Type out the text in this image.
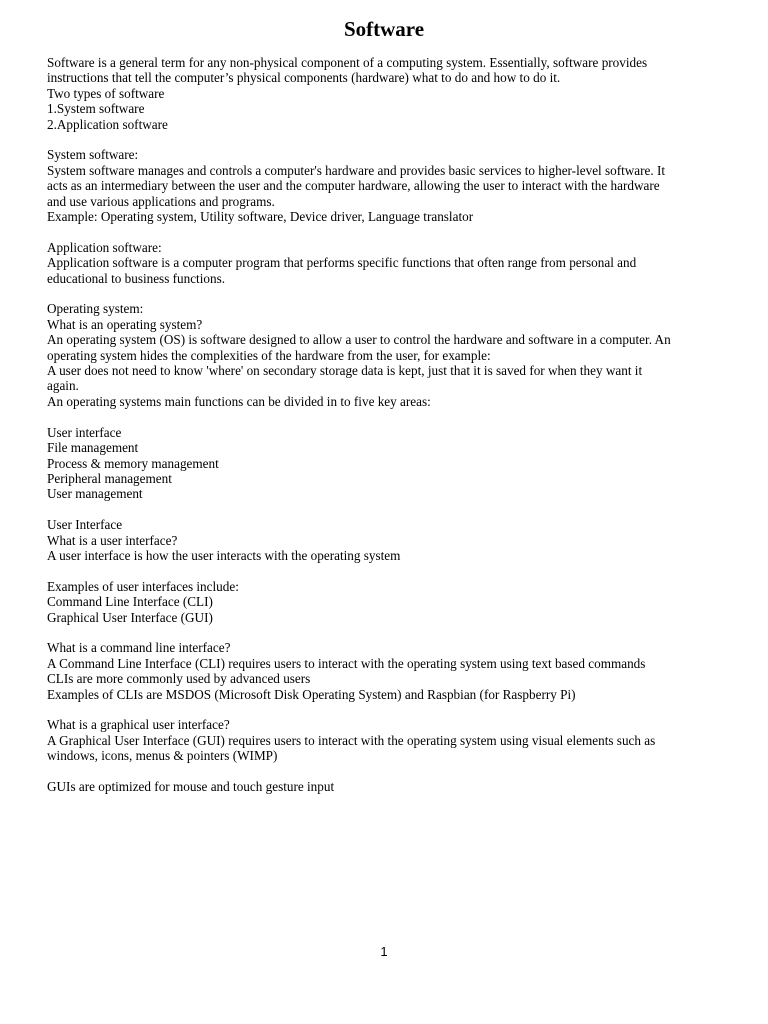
Software
Software is a general term for any non-physical component of a computing system. Essentially, software provides
instructions that tell the computer’s physical components (hardware) what to do and how to do it.
Two types of software
1.System software
2.Application software
System software:
System software manages and controls a computer's hardware and provides basic services to higher-level software. It
acts as an intermediary between the user and the computer hardware, allowing the user to interact with the hardware
and use various applications and programs.
Example: Operating system, Utility software, Device driver, Language translator
Application software:
Application software is a computer program that performs specific functions that often range from personal and
educational to business functions.
Operating system:
What is an operating system?
An operating system (OS) is software designed to allow a user to control the hardware and software in a computer. An
operating system hides the complexities of the hardware from the user, for example:
A user does not need to know 'where' on secondary storage data is kept, just that it is saved for when they want it
again.
An operating systems main functions can be divided in to five key areas:
User interface
File management
Process & memory management
Peripheral management
User management
User Interface
What is a user interface?
A user interface is how the user interacts with the operating system
Examples of user interfaces include:
Command Line Interface (CLI)
Graphical User Interface (GUI)
What is a command line interface?
A Command Line Interface (CLI) requires users to interact with the operating system using text based commands
CLIs are more commonly used by advanced users
Examples of CLIs are MSDOS (Microsoft Disk Operating System) and Raspbian (for Raspberry Pi)
What is a graphical user interface?
A Graphical User Interface (GUI) requires users to interact with the operating system using visual elements such as
windows, icons, menus & pointers (WIMP)
GUIs are optimized for mouse and touch gesture input
1
